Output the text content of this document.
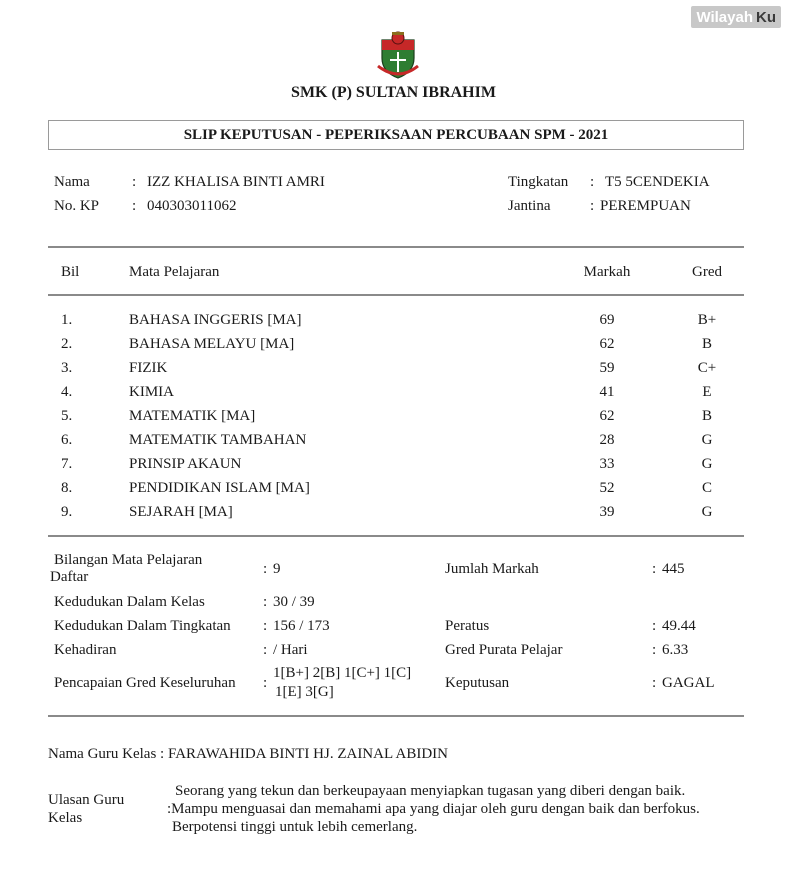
Wilayah Ku
SMK (P) SULTAN IBRAHIM
SLIP KEPUTUSAN - PEPERIKSAAN PERCUBAAN SPM - 2021
Nama	: IZZ KHALISA BINTI AMRI
No. KP : 040303011062
Tingkatan : T5 5CENDEKIA
Jantina	: PEREMPUAN
Bil	Mata Pelajaran	Markah	Gred
1.	BAHASA INGGERIS [MA]	69	B+
2.	BAHASA MELAYU [MA]	62	B
3.	FIZIK	59	C+
4.	KIMIA	41	E
5.	MATEMATIK [MA]	62	B
6.	MATEMATIK TAMBAHAN	28	G
7.	PRINSIP AKAUN	33	G
8.	PENDIDIKAN ISLAM [MA]	52	C
9.	SEJARAH [MA]	39	G
Bilangan Mata Pelajaran
Daftar	: 9	Jumlah Markah	: 445
Kedudukan Dalam Kelas	: 30 / 39
Kedudukan Dalam Tingkatan : 156 / 173	Peratus	: 49.44
Kehadiran	: / Hari	Gred Purata Pelajar	: 6.33
Pencapaian Gred Keseluruhan :
1[B+] 2[B] 1[C+] 1[C]
1[E] 3[G]
Keputusan	: GAGAL
Nama Guru Kelas : FARAWAHIDA BINTI HJ. ZAINAL ABIDIN
Ulasan Guru
Kelas
Seorang yang tekun dan berkeupayaan menyiapkan tugasan yang diberi dengan baik.
:Mampu menguasai dan memahami apa yang diajar oleh guru dengan baik dan berfokus.
Berpotensi tinggi untuk lebih cemerlang.
